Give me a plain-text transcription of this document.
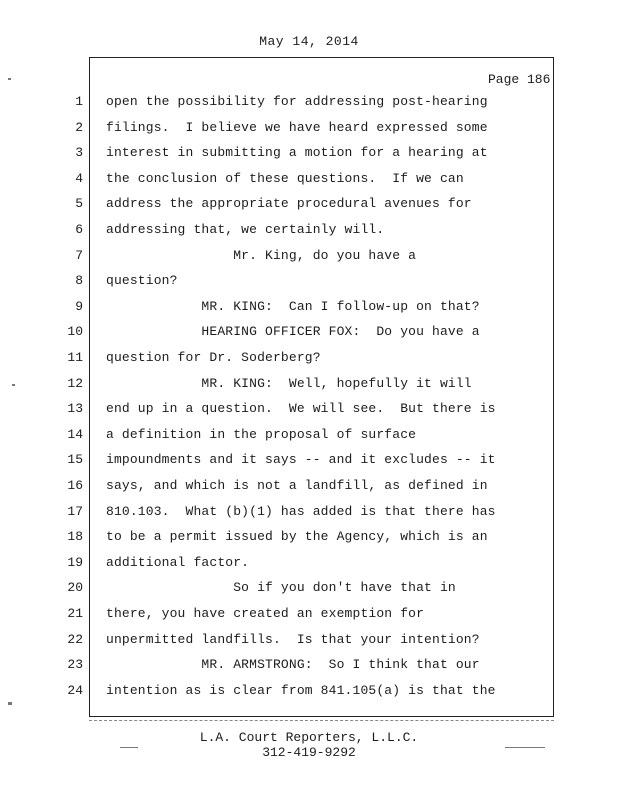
May 14, 2014
Page 186
1 open the possibility for addressing post-hearing
2 filings.  I believe we have heard expressed some
3 interest in submitting a motion for a hearing at
4 the conclusion of these questions.  If we can
5 address the appropriate procedural avenues for
6 addressing that, we certainly will.
7 Mr. King, do you have a
8 question?
9 MR. KING:  Can I follow-up on that?
10 HEARING OFFICER FOX:  Do you have a
11 question for Dr. Soderberg?
12 MR. KING:  Well, hopefully it will
13 end up in a question.  We will see.  But there is
14 a definition in the proposal of surface
15 impoundments and it says -- and it excludes -- it
16 says, and which is not a landfill, as defined in
17 810.103.  What (b)(1) has added is that there has
18 to be a permit issued by the Agency, which is an
19 additional factor.
20 So if you don't have that in
21 there, you have created an exemption for
22 unpermitted landfills.  Is that your intention?
23 MR. ARMSTRONG:  So I think that our
24 intention as is clear from 841.105(a) is that the
L.A. Court Reporters, L.L.C.
312-419-9292
